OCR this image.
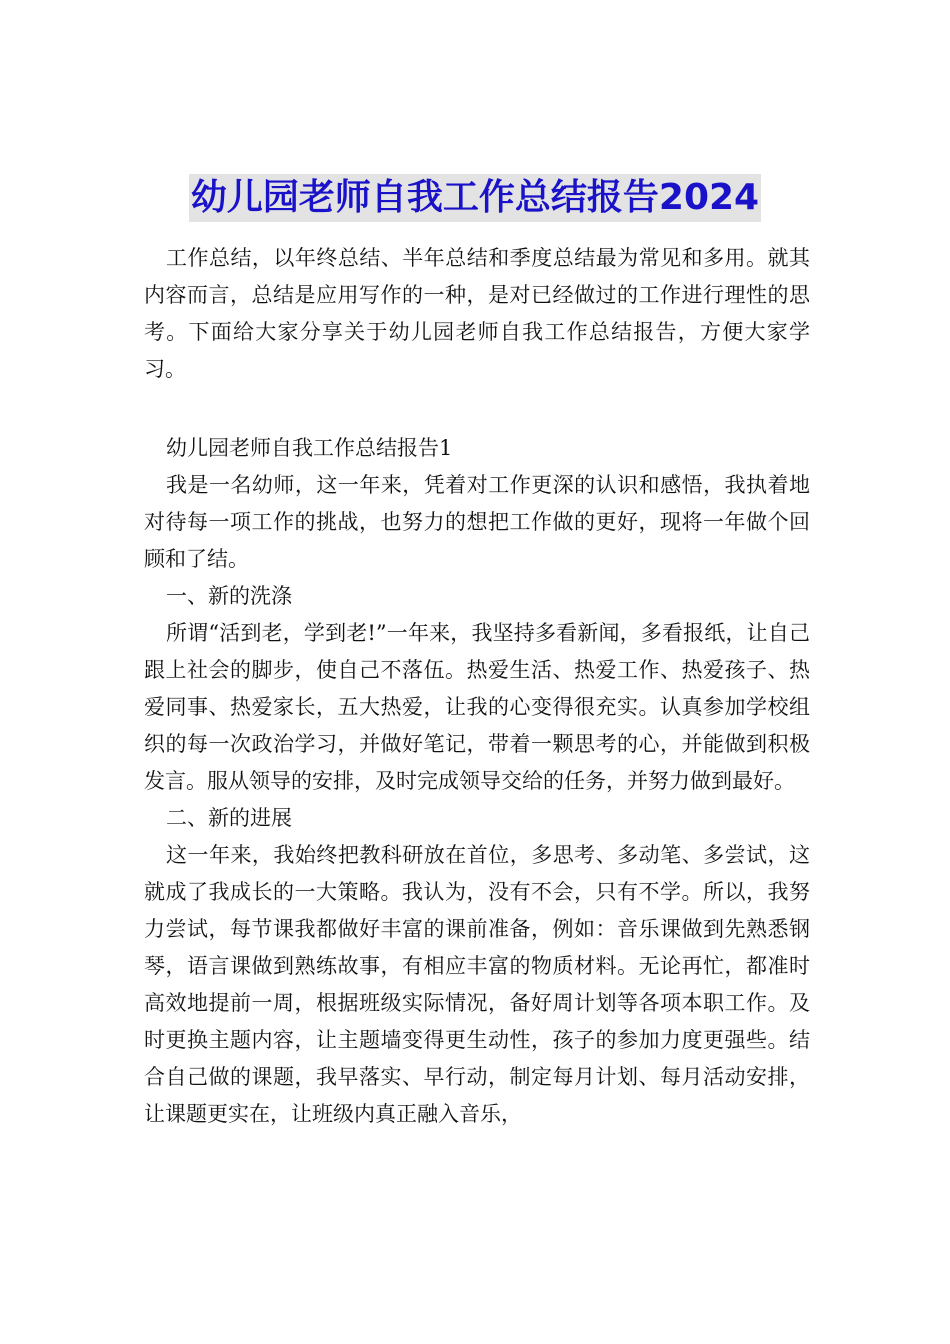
幼儿园老师自我工作总结报告2024

工作总结，以年终总结、半年总结和季度总结最为常见和多用。就其内容而言，总结是应用写作的一种，是对已经做过的工作进行理性的思考。下面给大家分享关于幼儿园老师自我工作总结报告，方便大家学习。

幼儿园老师自我工作总结报告1

我是一名幼师，这一年来，凭着对工作更深的认识和感悟，我执着地对待每一项工作的挑战，也努力的想把工作做的更好，现将一年做个回顾和了结。

一、新的洗涤

所谓“活到老，学到老!”一年来，我坚持多看新闻，多看报纸，让自己跟上社会的脚步，使自己不落伍。热爱生活、热爱工作、热爱孩子、热爱同事、热爱家长，五大热爱，让我的心变得很充实。认真参加学校组织的每一次政治学习，并做好笔记，带着一颗思考的心，并能做到积极发言。服从领导的安排，及时完成领导交给的任务，并努力做到最好。

二、新的进展

这一年来，我始终把教科研放在首位，多思考、多动笔、多尝试，这就成了我成长的一大策略。我认为，没有不会，只有不学。所以，我努力尝试，每节课我都做好丰富的课前准备，例如：音乐课做到先熟悉钢琴，语言课做到熟练故事，有相应丰富的物质材料。无论再忙，都准时高效地提前一周，根据班级实际情况，备好周计划等各项本职工作。及时更换主题内容，让主题墙变得更生动性，孩子的参加力度更强些。结合自己做的课题，我早落实、早行动，制定每月计划、每月活动安排，让课题更实在，让班级内真正融入音乐，
